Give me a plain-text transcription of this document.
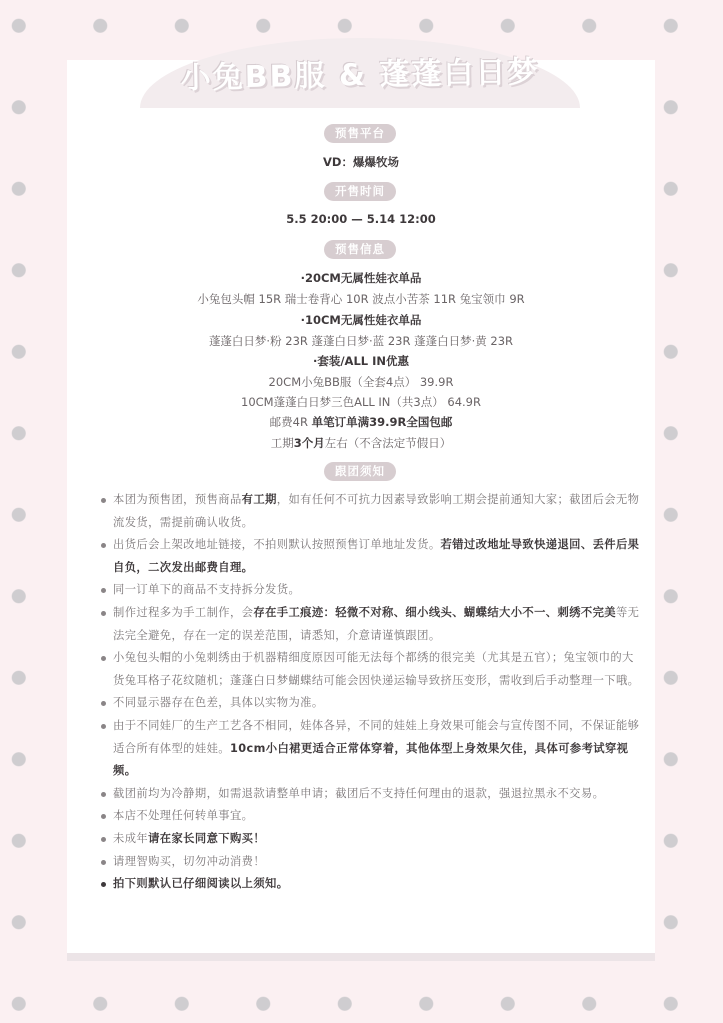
小兔BB服 & 蓬蓬白日梦
预售平台
VD：爆爆牧场
开售时间
5.5 20:00 — 5.14 12:00
预售信息
·20CM无属性娃衣单品
小兔包头帽 15R 瑞士卷背心 10R 波点小苦茶 11R 兔宝领巾 9R
·10CM无属性娃衣单品
蓬蓬白日梦·粉 23R 蓬蓬白日梦·蓝 23R 蓬蓬白日梦·黄 23R
·套装/ALL IN优惠
20CM小兔BB服（全套4点） 39.9R
10CM蓬蓬白日梦三色ALL IN（共3点） 64.9R
邮费4R 单笔订单满39.9R全国包邮
工期3个月左右（不含法定节假日）
跟团须知
本团为预售团，预售商品有工期，如有任何不可抗力因素导致影响工期会提前通知大家；截团后会无物流发货，需提前确认收货。
出货后会上架改地址链接，不拍则默认按照预售订单地址发货。若错过改地址导致快递退回、丢件后果自负，二次发出邮费自理。
同一订单下的商品不支持拆分发货。
制作过程多为手工制作，会存在手工痕迹：轻微不对称、细小线头、蝴蝶结大小不一、刺绣不完美等无法完全避免，存在一定的误差范围，请悉知，介意请谨慎跟团。
小兔包头帽的小兔刺绣由于机器精细度原因可能无法每个都绣的很完美（尤其是五官）；兔宝领巾的大货兔耳格子花纹随机；蓬蓬白日梦蝴蝶结可能会因快递运输导致挤压变形，需收到后手动整理一下哦。
不同显示器存在色差，具体以实物为准。
由于不同娃厂的生产工艺各不相同，娃体各异，不同的娃娃上身效果可能会与宣传图不同，不保证能够适合所有体型的娃娃。10cm小白裙更适合正常体穿着，其他体型上身效果欠佳，具体可参考试穿视频。
截团前均为冷静期，如需退款请整单申请；截团后不支持任何理由的退款，强退拉黑永不交易。
本店不处理任何转单事宜。
未成年请在家长同意下购买！
请理智购买，切勿冲动消费！
拍下则默认已仔细阅读以上须知。
